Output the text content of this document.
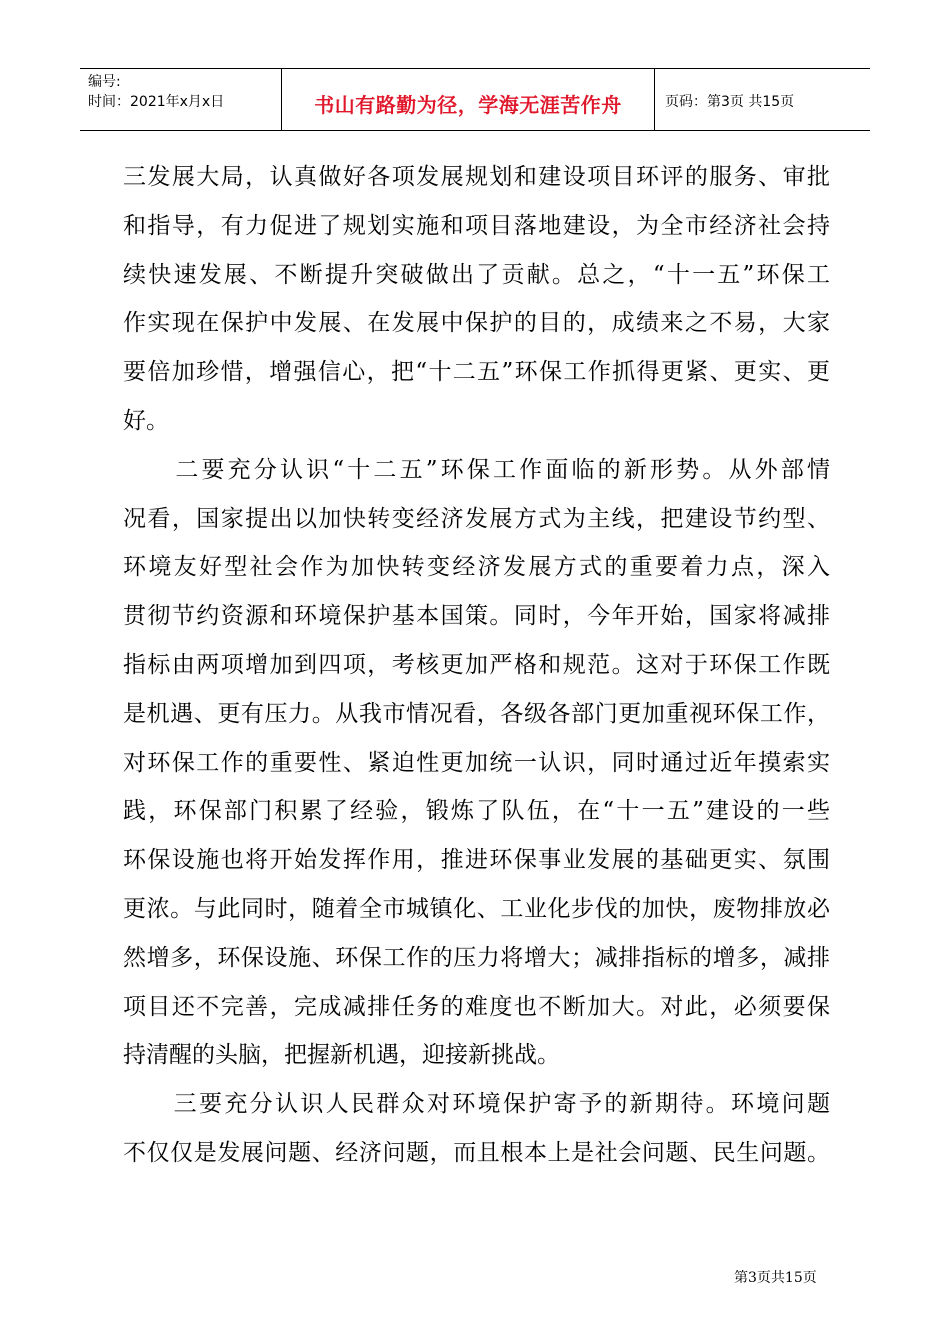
编号:
时间：2021年x月x日	书山有路勤为径，学海无涯苦作舟	页码：第3页 共15页
三发展大局，认真做好各项发展规划和建设项目环评的服务、审批
和指导，有力促进了规划实施和项目落地建设，为全市经济社会持
续快速发展、不断提升突破做出了贡献。总之，“十一五”环保工
作实现在保护中发展、在发展中保护的目的，成绩来之不易，大家
要倍加珍惜，增强信心，把“十二五”环保工作抓得更紧、更实、更
好。
　　二要充分认识“十二五”环保工作面临的新形势。从外部情
况看，国家提出以加快转变经济发展方式为主线，把建设节约型、
环境友好型社会作为加快转变经济发展方式的重要着力点，深入
贯彻节约资源和环境保护基本国策。同时，今年开始，国家将减排
指标由两项增加到四项，考核更加严格和规范。这对于环保工作既
是机遇、更有压力。从我市情况看，各级各部门更加重视环保工作，
对环保工作的重要性、紧迫性更加统一认识，同时通过近年摸索实
践，环保部门积累了经验，锻炼了队伍，在“十一五”建设的一些
环保设施也将开始发挥作用，推进环保事业发展的基础更实、氛围
更浓。与此同时，随着全市城镇化、工业化步伐的加快，废物排放必
然增多，环保设施、环保工作的压力将增大；减排指标的增多，减排
项目还不完善，完成减排任务的难度也不断加大。对此，必须要保
持清醒的头脑，把握新机遇，迎接新挑战。
　　三要充分认识人民群众对环境保护寄予的新期待。环境问题
不仅仅是发展问题、经济问题，而且根本上是社会问题、民生问题。
第3页共15页
